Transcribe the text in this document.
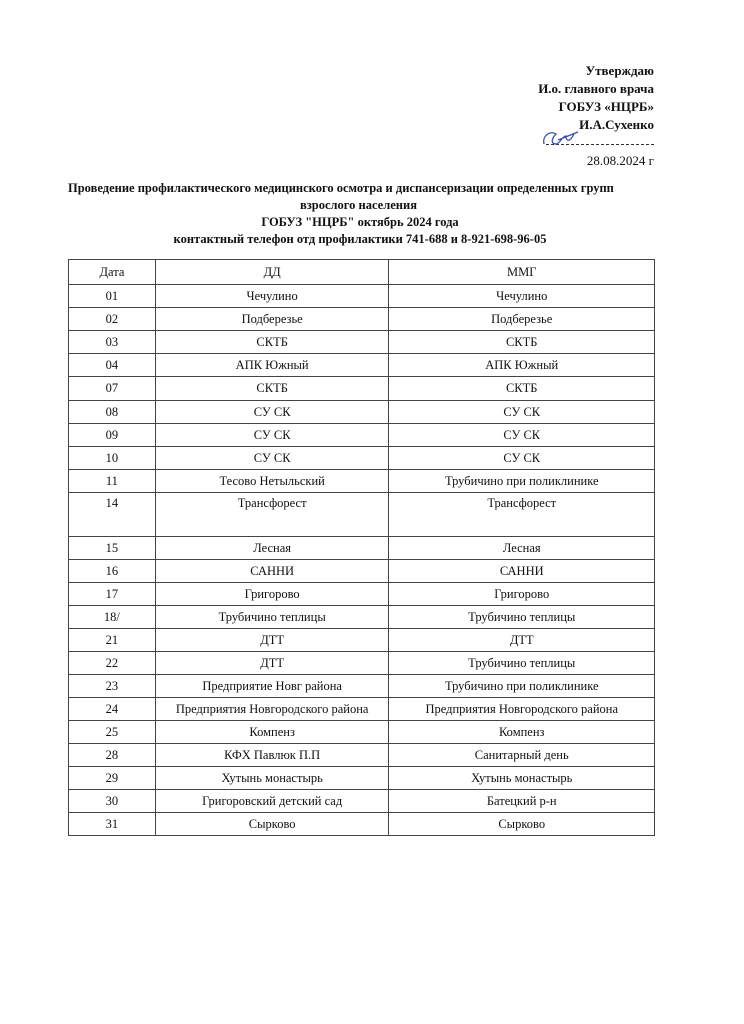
Утверждаю
И.о. главного врача
ГОБУЗ «НЦРБ»
И.А.Сухенко
28.08.2024 г
Проведение профилактического медицинского осмотра и диспансеризации определенных групп
взрослого населения
ГОБУЗ "НЦРБ" октябрь 2024 года
контактный телефон отд профилактики 741-688 и 8-921-698-96-05
Дата	ДД	ММГ
01	Чечулино	Чечулино
02	Подберезье	Подберезье
03	СКТБ	СКТБ
04	АПК Южный	АПК Южный
07	СКТБ	СКТБ
08	СУ СК	СУ СК
09	СУ СК	СУ СК
10	СУ СК	СУ СК
11	Тесово Нетыльский	Трубичино при поликлинике
14	Трансфорест	Трансфорест
15	Лесная	Лесная
16	САННИ	САННИ
17	Григорово	Григорово
18/	Трубичино теплицы	Трубичино теплицы
21	ДТТ	ДТТ
22	ДТТ	Трубичино теплицы
23	Предприятие Новг района	Трубичино при поликлинике
24	Предприятия Новгородского района	Предприятия Новгородского района
25	Компенз	Компенз
28	КФХ Павлюк П.П	Санитарный день
29	Хутынь монастырь	Хутынь монастырь
30	Григоровский детский сад	Батецкий р-н
31	Сырково	Сырково
